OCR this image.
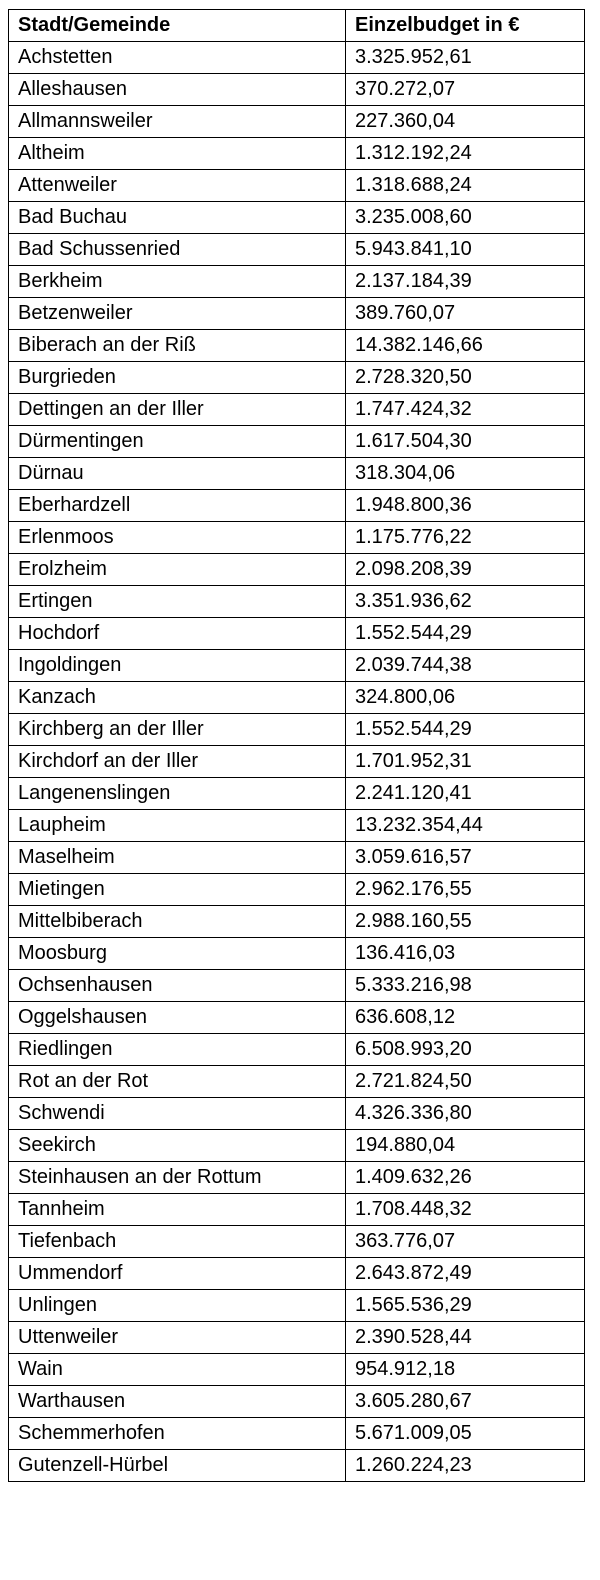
Stadt/Gemeinde	Einzelbudget in €
Achstetten	3.325.952,61
Alleshausen	370.272,07
Allmannsweiler	227.360,04
Altheim	1.312.192,24
Attenweiler	1.318.688,24
Bad Buchau	3.235.008,60
Bad Schussenried	5.943.841,10
Berkheim	2.137.184,39
Betzenweiler	389.760,07
Biberach an der Riß	14.382.146,66
Burgrieden	2.728.320,50
Dettingen an der Iller	1.747.424,32
Dürmentingen	1.617.504,30
Dürnau	318.304,06
Eberhardzell	1.948.800,36
Erlenmoos	1.175.776,22
Erolzheim	2.098.208,39
Ertingen	3.351.936,62
Hochdorf	1.552.544,29
Ingoldingen	2.039.744,38
Kanzach	324.800,06
Kirchberg an der Iller	1.552.544,29
Kirchdorf an der Iller	1.701.952,31
Langenenslingen	2.241.120,41
Laupheim	13.232.354,44
Maselheim	3.059.616,57
Mietingen	2.962.176,55
Mittelbiberach	2.988.160,55
Moosburg	136.416,03
Ochsenhausen	5.333.216,98
Oggelshausen	636.608,12
Riedlingen	6.508.993,20
Rot an der Rot	2.721.824,50
Schwendi	4.326.336,80
Seekirch	194.880,04
Steinhausen an der Rottum	1.409.632,26
Tannheim	1.708.448,32
Tiefenbach	363.776,07
Ummendorf	2.643.872,49
Unlingen	1.565.536,29
Uttenweiler	2.390.528,44
Wain	954.912,18
Warthausen	3.605.280,67
Schemmerhofen	5.671.009,05
Gutenzell-Hürbel	1.260.224,23
